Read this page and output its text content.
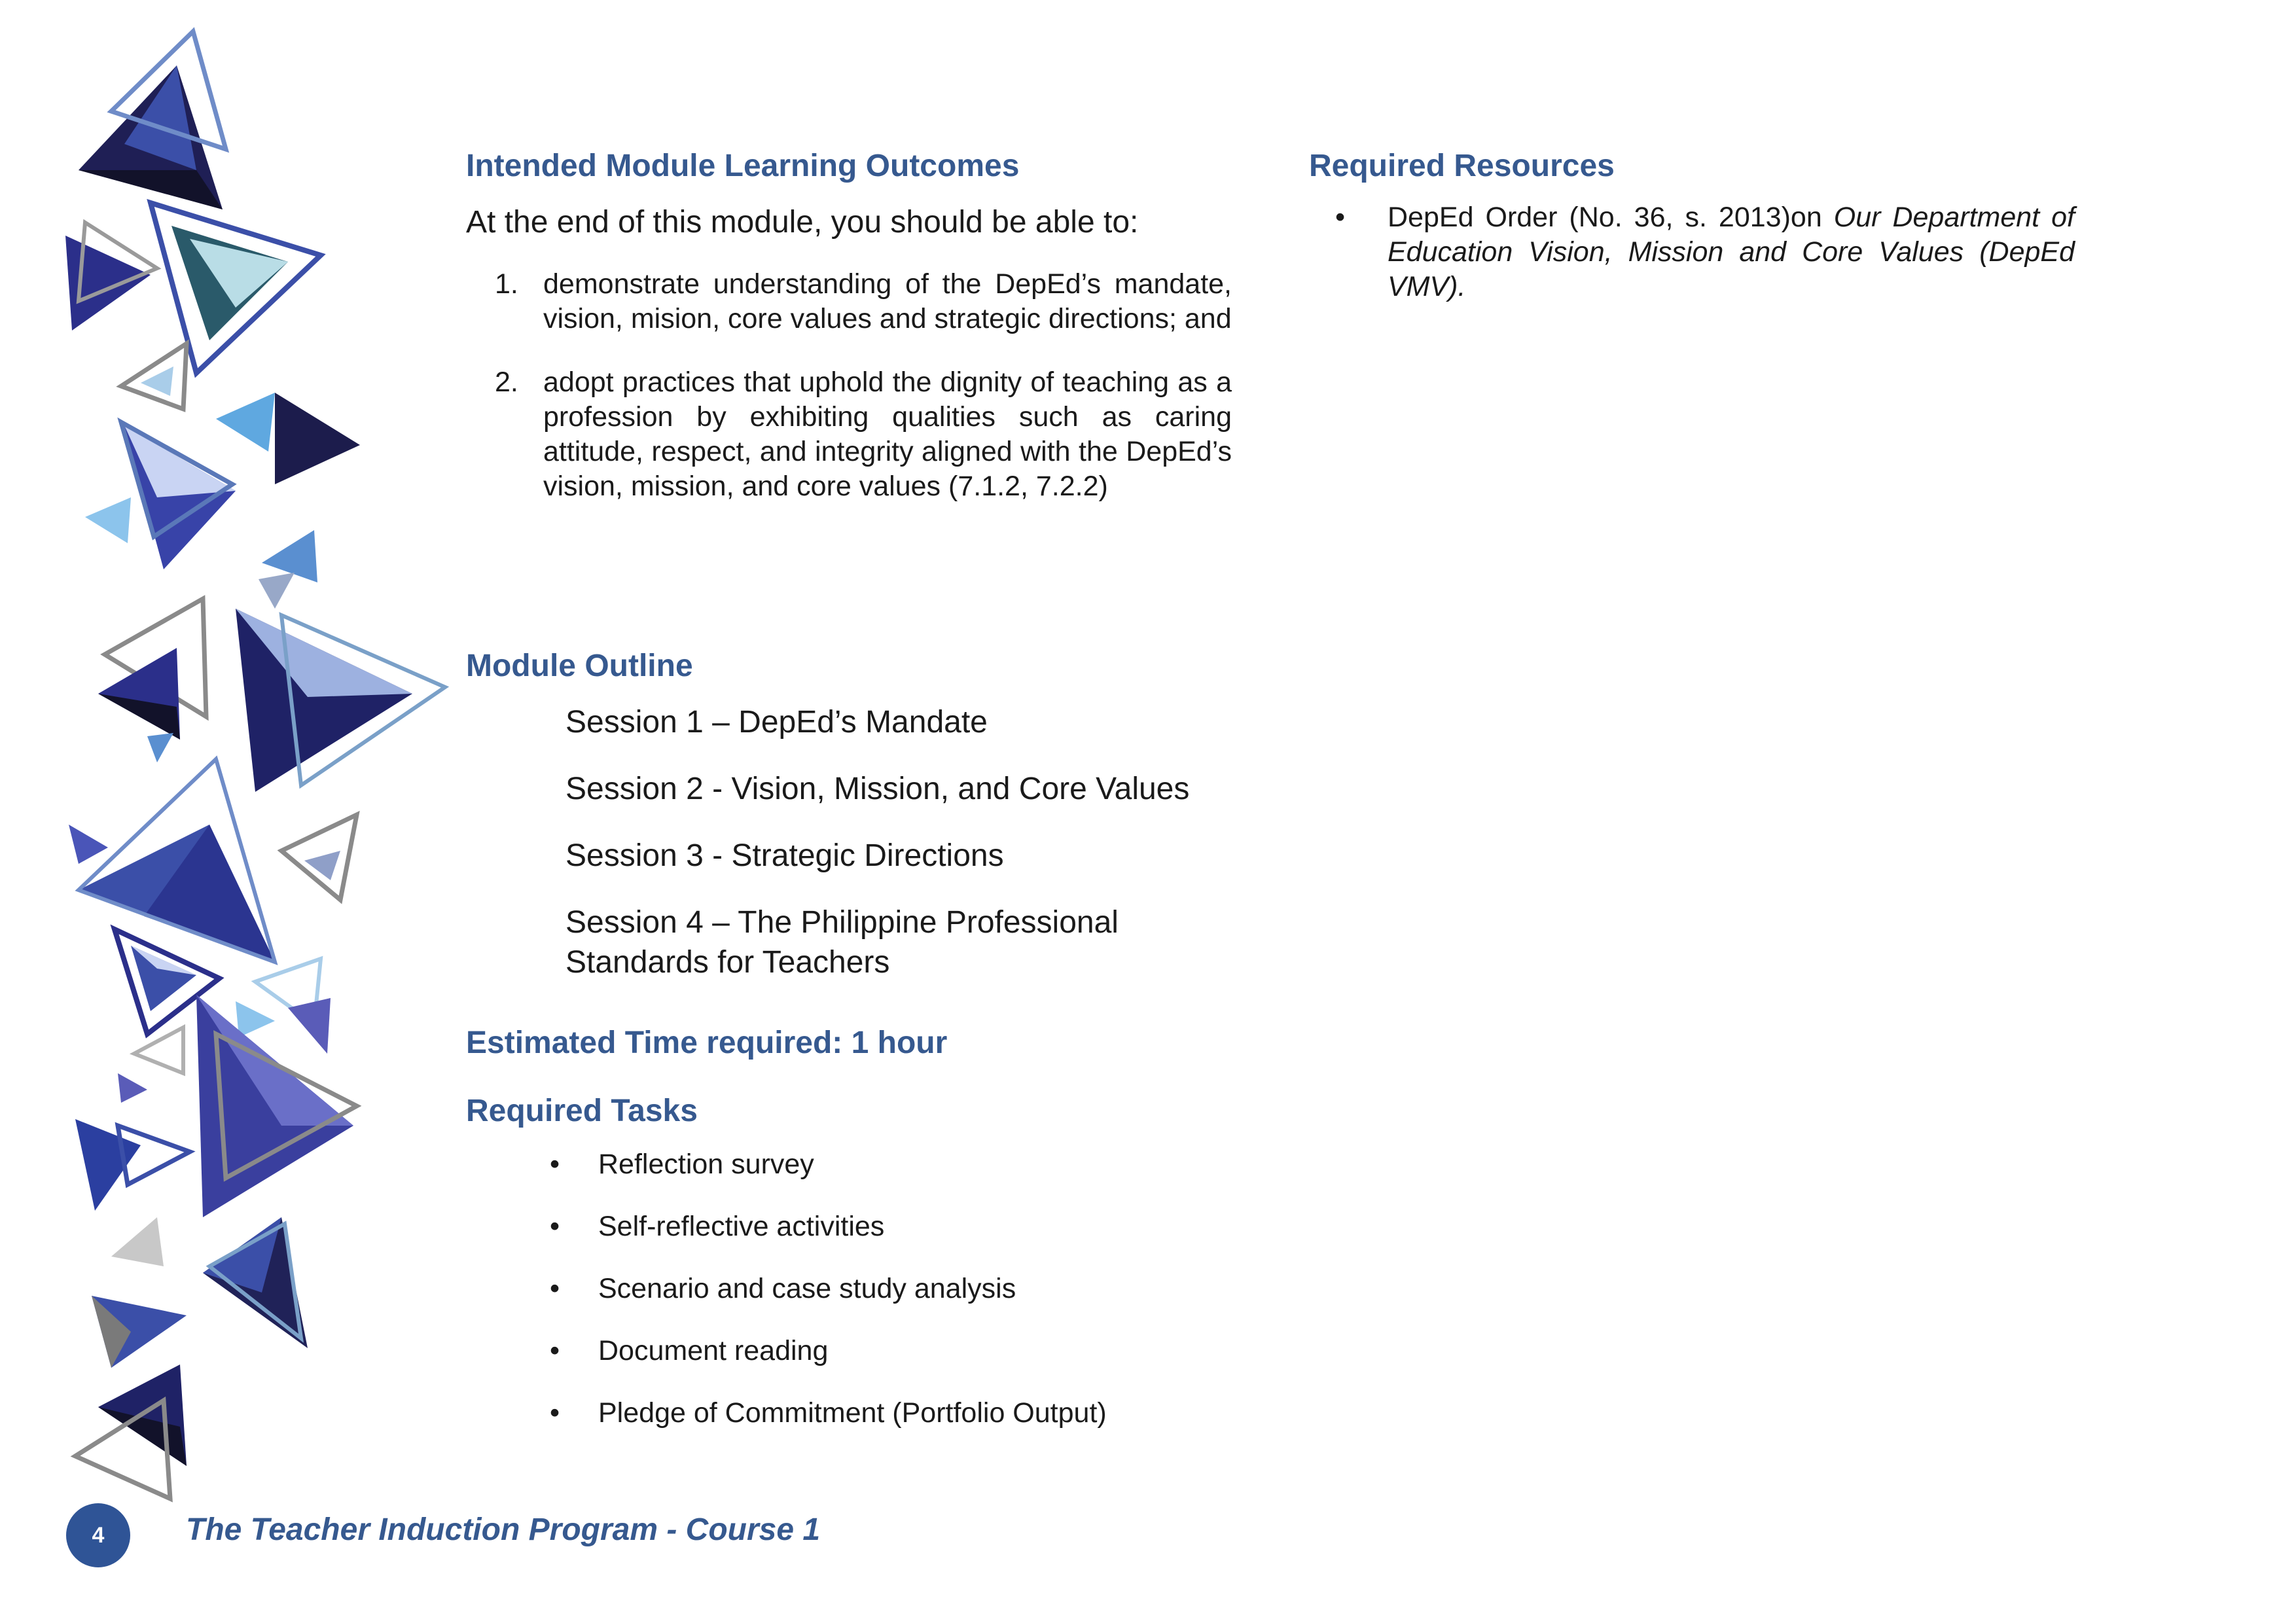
Intended Module Learning Outcomes

At the end of this module, you should be able to:

1. demonstrate understanding of the DepEd’s mandate, vision, mision, core values and strategic directions; and
2. adopt practices that uphold the dignity of teaching as a profession by exhibiting qualities such as caring attitude, respect, and integrity aligned with the DepEd’s vision, mission, and core values (7.1.2, 7.2.2)
Module Outline
Session 1 – DepEd’s Mandate
Session 2 - Vision, Mission, and Core Values
Session 3 - Strategic Directions
Session 4 – The Philippine Professional Standards for Teachers
Estimated Time required: 1 hour
Required Tasks
• Reflection survey
• Self-reflective activities
• Scenario and case study analysis
• Document reading
• Pledge of Commitment (Portfolio Output)
Required Resources
• DepEd Order (No. 36, s. 2013)on Our Department of Education Vision, Mission and Core Values (DepEd VMV).
4	The Teacher Induction Program - Course 1
